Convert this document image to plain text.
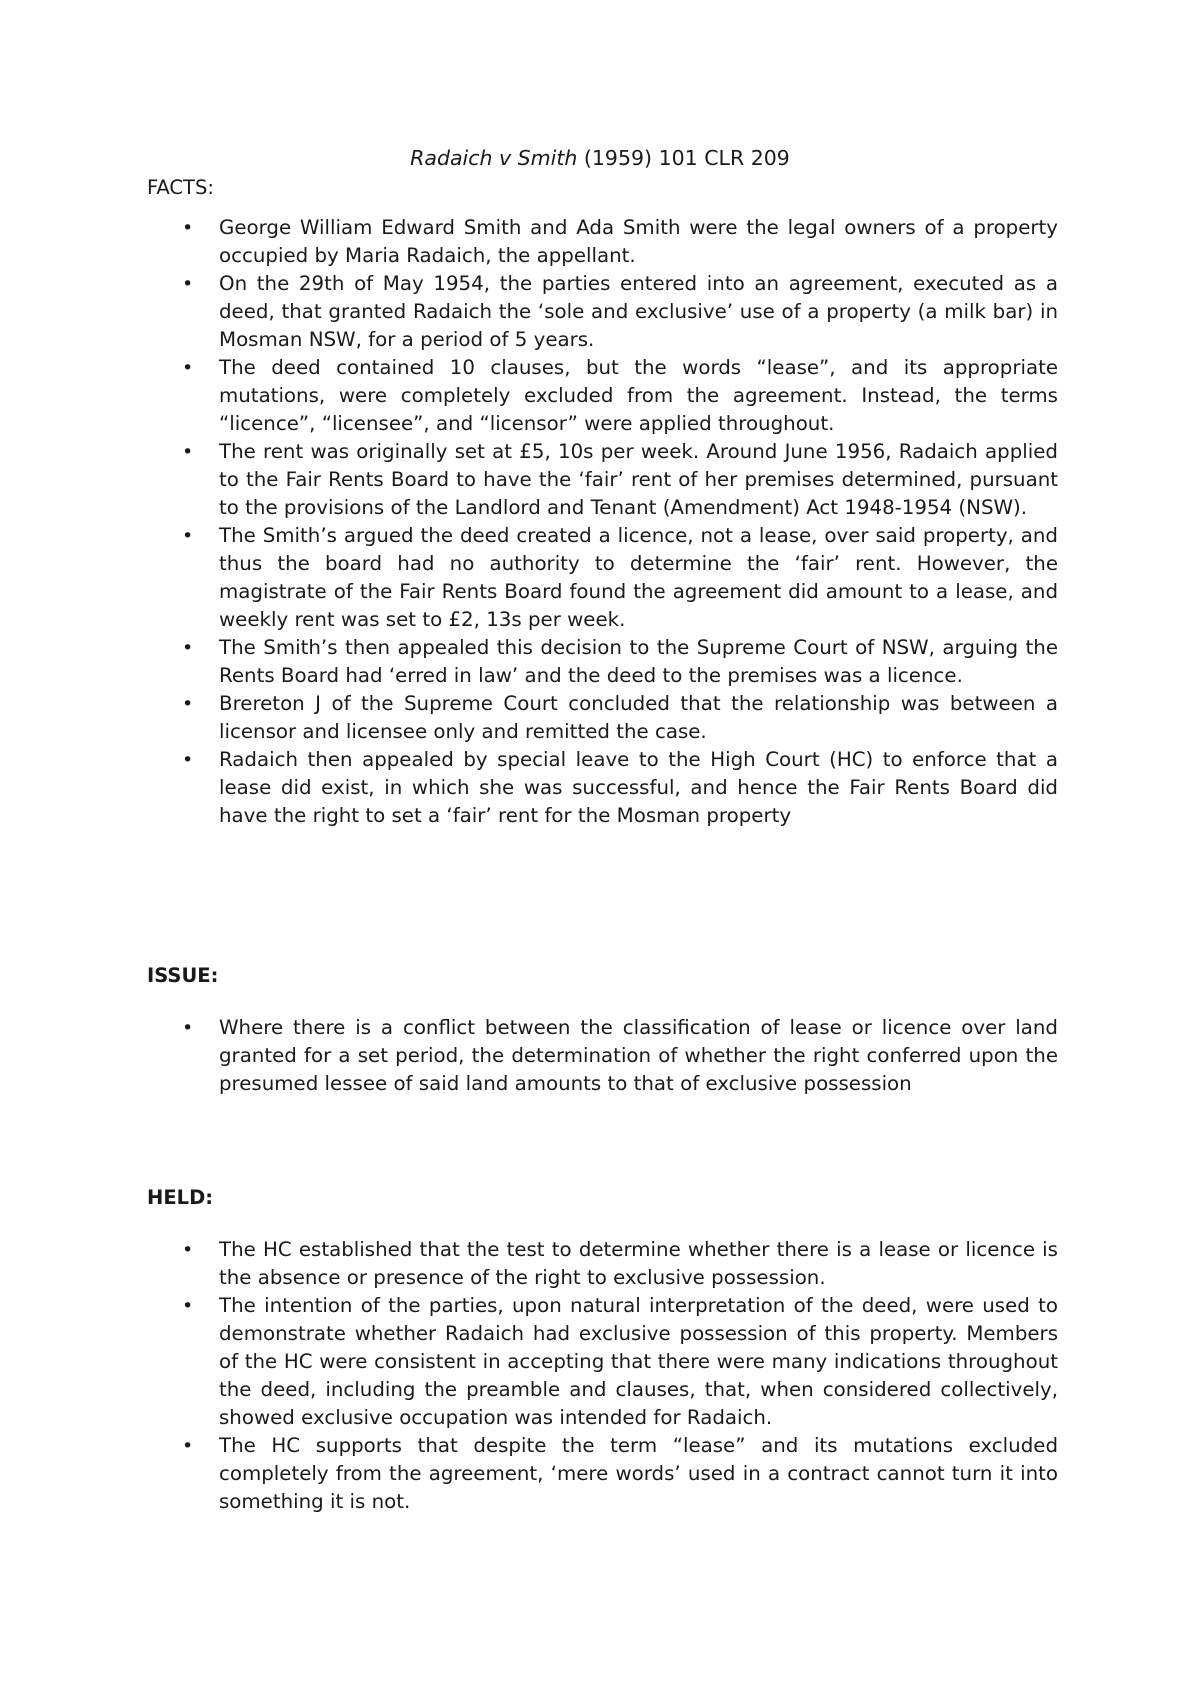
Radaich v Smith (1959) 101 CLR 209
FACTS:
• George William Edward Smith and Ada Smith were the legal owners of a property occupied by Maria Radaich, the appellant.
• On the 29th of May 1954, the parties entered into an agreement, executed as a deed, that granted Radaich the ‘sole and exclusive’ use of a property (a milk bar) in Mosman NSW, for a period of 5 years.
• The deed contained 10 clauses, but the words “lease”, and its appropriate mutations, were completely excluded from the agreement. Instead, the terms “licence”, “licensee”, and “licensor” were applied throughout.
• The rent was originally set at £5, 10s per week. Around June 1956, Radaich applied to the Fair Rents Board to have the ‘fair’ rent of her premises determined, pursuant to the provisions of the Landlord and Tenant (Amendment) Act 1948-1954 (NSW).
• The Smith’s argued the deed created a licence, not a lease, over said property, and thus the board had no authority to determine the ‘fair’ rent. However, the magistrate of the Fair Rents Board found the agreement did amount to a lease, and weekly rent was set to £2, 13s per week.
• The Smith’s then appealed this decision to the Supreme Court of NSW, arguing the Rents Board had ‘erred in law’ and the deed to the premises was a licence.
• Brereton J of the Supreme Court concluded that the relationship was between a licensor and licensee only and remitted the case.
• Radaich then appealed by special leave to the High Court (HC) to enforce that a lease did exist, in which she was successful, and hence the Fair Rents Board did have the right to set a ‘fair’ rent for the Mosman property
ISSUE:
• Where there is a conflict between the classification of lease or licence over land granted for a set period, the determination of whether the right conferred upon the presumed lessee of said land amounts to that of exclusive possession
HELD:
• The HC established that the test to determine whether there is a lease or licence is the absence or presence of the right to exclusive possession.
• The intention of the parties, upon natural interpretation of the deed, were used to demonstrate whether Radaich had exclusive possession of this property. Members of the HC were consistent in accepting that there were many indications throughout the deed, including the preamble and clauses, that, when considered collectively, showed exclusive occupation was intended for Radaich.
• The HC supports that despite the term “lease” and its mutations excluded completely from the agreement, ‘mere words’ used in a contract cannot turn it into something it is not.
